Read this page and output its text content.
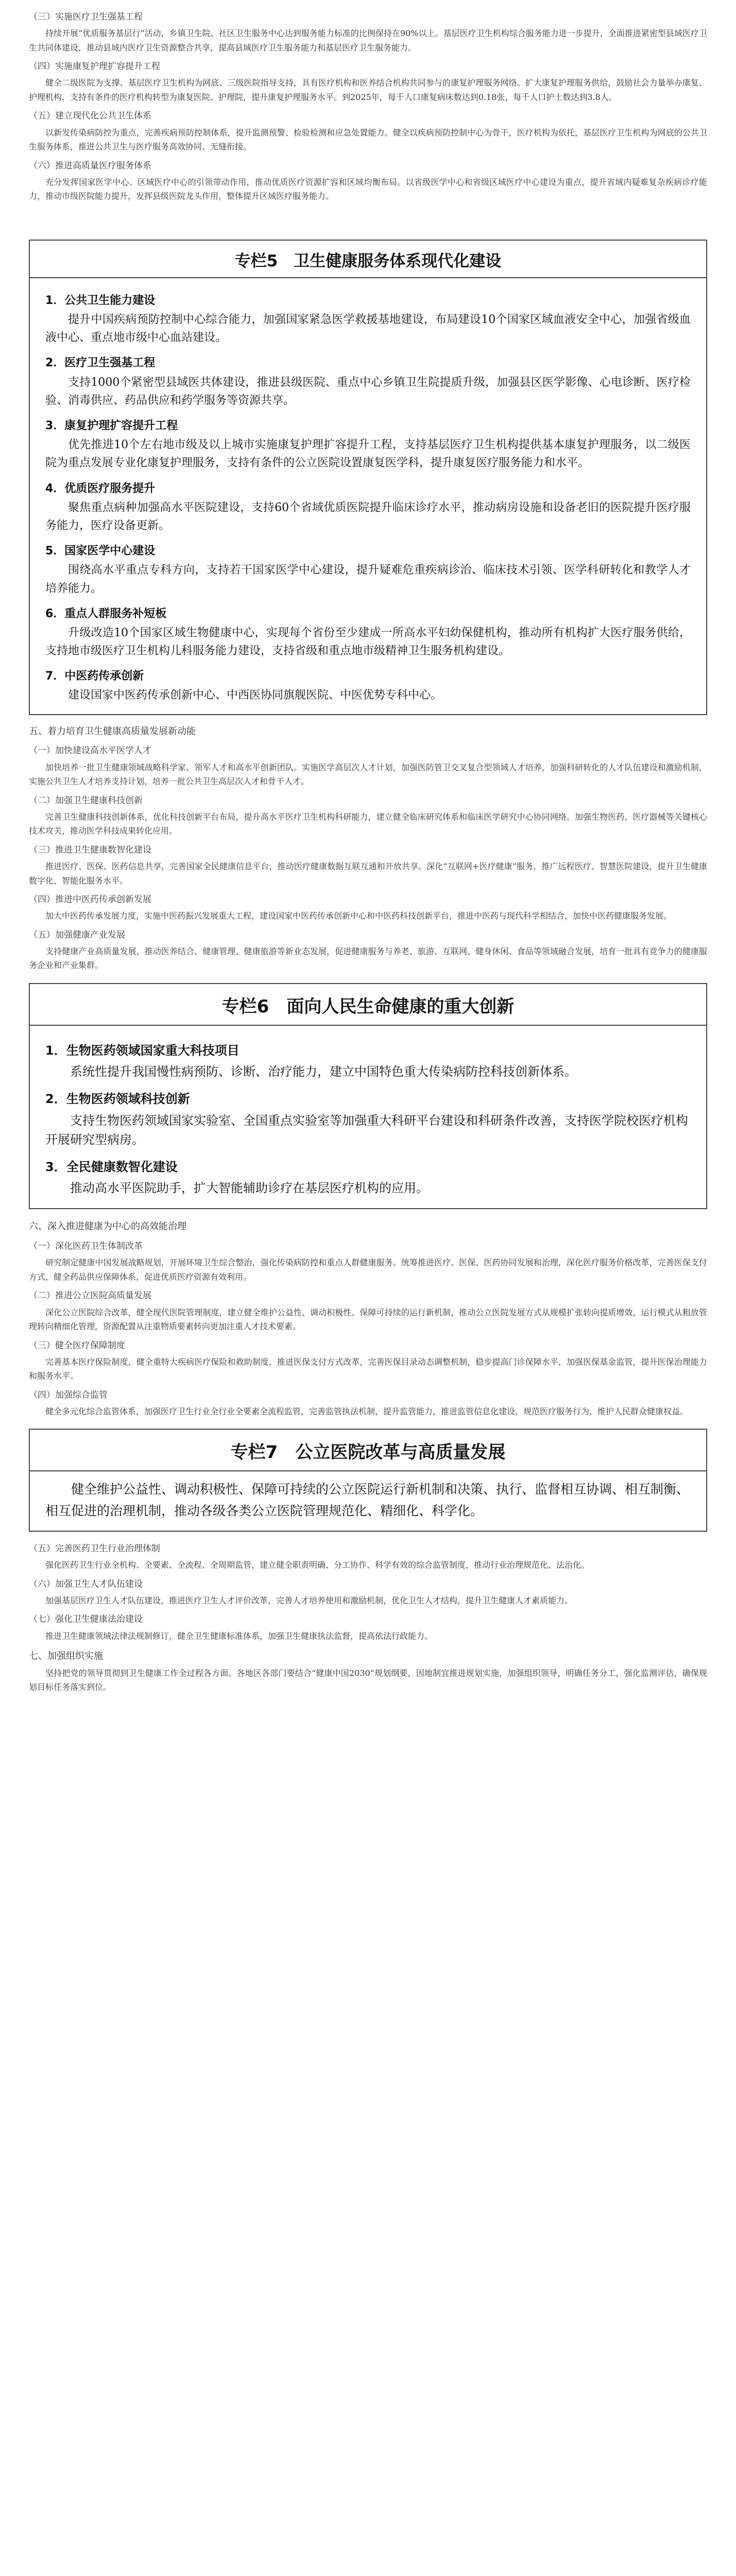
（三）实施医疗卫生强基工程

持续开展“优质服务基层行”活动，乡镇卫生院、社区卫生服务中心达到服务能力标准的比例保持在90%以上。基层医疗卫生机构综合服务能力进一步提升，全面推进紧密型县域医疗卫生共同体建设，推动县域内医疗卫生资源整合共享，提高县域医疗卫生服务能力和基层医疗卫生服务能力。

（四）实施康复护理扩容提升工程

健全二级医院为支撑、基层医疗卫生机构为网底、三级医院指导支持，具有医疗机构和医养结合机构共同参与的康复护理服务网络。扩大康复护理服务供给，鼓励社会力量举办康复、护理机构，支持有条件的医疗机构转型为康复医院、护理院，提升康复护理服务水平。到2025年，每千人口康复病床数达到0.18张，每千人口护士数达到3.8人。

（五）建立现代化公共卫生体系

以新发传染病防控为重点，完善疾病预防控制体系，提升监测预警、检验检测和应急处置能力。健全以疾病预防控制中心为骨干，医疗机构为依托，基层医疗卫生机构为网底的公共卫生服务体系，推进公共卫生与医疗服务高效协同、无缝衔接。

（六）推进高质量医疗服务体系

充分发挥国家医学中心、区域医疗中心的引领带动作用，推动优质医疗资源扩容和区域均衡布局。以省级医学中心和省级区域医疗中心建设为重点，提升省域内疑难复杂疾病诊疗能力，推动市级医院能力提升，发挥县级医院龙头作用，整体提升区域医疗服务能力。

专栏5　卫生健康服务体系现代化建设
1．公共卫生能力建设

提升中国疾病预防控制中心综合能力，加强国家紧急医学救援基地建设，布局建设10个国家区域血液安全中心，加强省级血液中心、重点地市级中心血站建设。

2．医疗卫生强基工程

支持1000个紧密型县域医共体建设，推进县级医院、重点中心乡镇卫生院提质升级，加强县区医学影像、心电诊断、医疗检验、消毒供应、药品供应和药学服务等资源共享。

3．康复护理扩容提升工程

优先推进10个左右地市级及以上城市实施康复护理扩容提升工程，支持基层医疗卫生机构提供基本康复护理服务，以二级医院为重点发展专业化康复护理服务，支持有条件的公立医院设置康复医学科，提升康复医疗服务能力和水平。

4．优质医疗服务提升

聚焦重点病种加强高水平医院建设，支持60个省域优质医院提升临床诊疗水平，推动病房设施和设备老旧的医院提升医疗服务能力，医疗设备更新。

5．国家医学中心建设

围绕高水平重点专科方向，支持若干国家医学中心建设，提升疑难危重疾病诊治、临床技术引领、医学科研转化和教学人才培养能力。

6．重点人群服务补短板

升级改造10个国家区域生物健康中心，实现每个省份至少建成一所高水平妇幼保健机构，推动所有机构扩大医疗服务供给，支持地市级医疗卫生机构儿科服务能力建设，支持省级和重点地市级精神卫生服务机构建设。

7．中医药传承创新

建设国家中医药传承创新中心、中西医协同旗舰医院、中医优势专科中心。

五、着力培育卫生健康高质量发展新动能
（一）加快建设高水平医学人才

加快培养一批卫生健康领域战略科学家、领军人才和高水平创新团队。实施医学高层次人才计划，加强医防管卫交叉复合型领域人才培养，加强科研转化的人才队伍建设和激励机制，实施公共卫生人才培养支持计划，培养一批公共卫生高层次人才和骨干人才。

（二）加强卫生健康科技创新

完善卫生健康科技创新体系，优化科技创新平台布局，提升高水平医疗卫生机构科研能力，建立健全临床研究体系和临床医学研究中心协同网络。加强生物医药、医疗器械等关键核心技术攻关，推动医学科技成果转化应用。

（三）推进卫生健康数智化建设

推进医疗、医保、医药信息共享，完善国家全民健康信息平台，推动医疗健康数据互联互通和开放共享。深化“互联网+医疗健康”服务，推广远程医疗、智慧医院建设，提升卫生健康数字化、智能化服务水平。

（四）推进中医药传承创新发展

加大中医药传承发展力度，实施中医药振兴发展重大工程，建设国家中医药传承创新中心和中医药科技创新平台，推进中医药与现代科学相结合，加快中医药健康服务发展。

（五）加强健康产业发展

支持健康产业高质量发展，推动医养结合、健康管理、健康旅游等新业态发展，促进健康服务与养老、旅游、互联网、健身休闲、食品等领域融合发展，培育一批具有竞争力的健康服务企业和产业集群。

专栏6　面向人民生命健康的重大创新
1．生物医药领域国家重大科技项目

系统性提升我国慢性病预防、诊断、治疗能力，建立中国特色重大传染病防控科技创新体系。

2．生物医药领域科技创新

支持生物医药领域国家实验室、全国重点实验室等加强重大科研平台建设和科研条件改善，支持医学院校医疗机构开展研究型病房。

3．全民健康数智化建设

推动高水平医院助手，扩大智能辅助诊疗在基层医疗机构的应用。

六、深入推进健康为中心的高效能治理
（一）深化医药卫生体制改革

研究制定健康中国发展战略规划，开展环境卫生综合整治，强化传染病防控和重点人群健康服务。统筹推进医疗、医保、医药协同发展和治理，深化医疗服务价格改革，完善医保支付方式，健全药品供应保障体系，促进优质医疗资源有效利用。

（二）推进公立医院高质量发展

深化公立医院综合改革，健全现代医院管理制度，建立健全维护公益性、调动积极性、保障可持续的运行新机制，推动公立医院发展方式从规模扩张转向提质增效，运行模式从粗放管理转向精细化管理，资源配置从注重物质要素转向更加注重人才技术要素。

（三）健全医疗保障制度

完善基本医疗保险制度，健全重特大疾病医疗保险和救助制度，推进医保支付方式改革，完善医保目录动态调整机制，稳步提高门诊保障水平，加强医保基金监管，提升医保治理能力和服务水平。

（四）加强综合监管

健全多元化综合监管体系，加强医疗卫生行业全行业全要素全流程监管，完善监管执法机制，提升监管能力，推进监管信息化建设，规范医疗服务行为，维护人民群众健康权益。

专栏7　公立医院改革与高质量发展

健全维护公益性、调动积极性、保障可持续的公立医院运行新机制和决策、执行、监督相互协调、相互制衡、相互促进的治理机制，推动各级各类公立医院管理规范化、精细化、科学化。

（五）完善医药卫生行业治理体制

强化医药卫生行业全机构、全要素、全流程、全周期监管，建立健全职责明确、分工协作、科学有效的综合监管制度，推动行业治理规范化、法治化。

（六）加强卫生人才队伍建设

加强基层医疗卫生人才队伍建设，推进医疗卫生人才评价改革，完善人才培养使用和激励机制，优化卫生人才结构，提升卫生健康人才素质能力。

（七）强化卫生健康法治建设

推进卫生健康领域法律法规制修订，健全卫生健康标准体系，加强卫生健康执法监督，提高依法行政能力。

七、加强组织实施

坚持把党的领导贯彻到卫生健康工作全过程各方面。各地区各部门要结合“健康中国2030”规划纲要，因地制宜推进规划实施，加强组织领导，明确任务分工，强化监测评估，确保规划目标任务落实到位。
